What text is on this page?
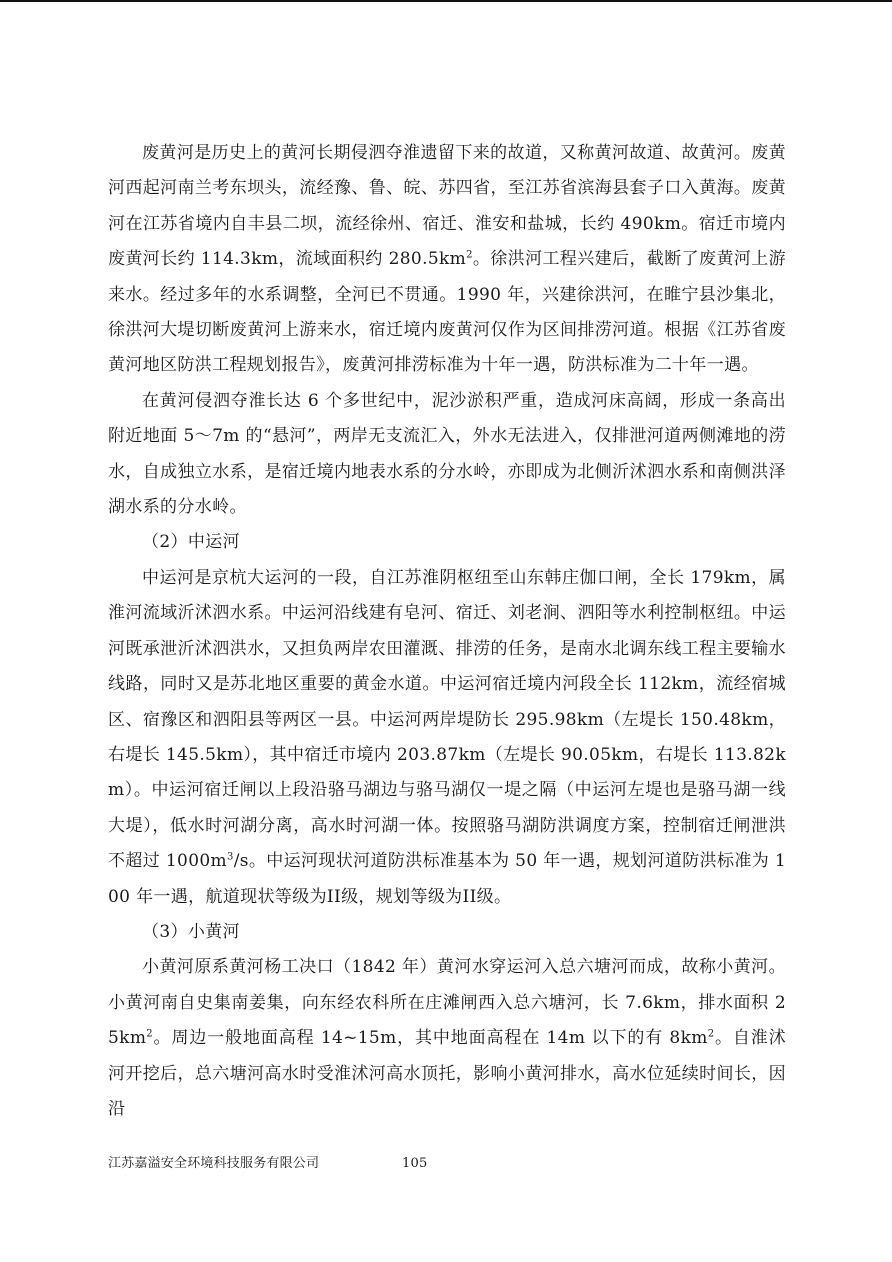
废黄河是历史上的黄河长期侵泗夺淮遗留下来的故道，又称黄河故道、故黄河。废黄河西起河南兰考东坝头，流经豫、鲁、皖、苏四省，至江苏省滨海县套子口入黄海。废黄河在江苏省境内自丰县二坝，流经徐州、宿迁、淮安和盐城，长约 490km。宿迁市境内废黄河长约 114.3km，流域面积约 $280.5km^2$。徐洪河工程兴建后，截断了废黄河上游来水。经过多年的水系调整，全河已不贯通。1990 年，兴建徐洪河，在睢宁县沙集北，徐洪河大堤切断废黄河上游来水，宿迁境内废黄河仅作为区间排涝河道。根据《江苏省废黄河地区防洪工程规划报告》，废黄河排涝标准为十年一遇，防洪标准为二十年一遇。

在黄河侵泗夺淮长达 6 个多世纪中，泥沙淤积严重，造成河床高阔，形成一条高出附近地面 5～7m 的“悬河”，两岸无支流汇入，外水无法进入，仅排泄河道两侧滩地的涝水，自成独立水系，是宿迁境内地表水系的分水岭，亦即成为北侧沂沭泗水系和南侧洪泽湖水系的分水岭。

（2）中运河

中运河是京杭大运河的一段，自江苏淮阴枢纽至山东韩庄伽口闸，全长 179km，属淮河流域沂沭泗水系。中运河沿线建有皂河、宿迁、刘老涧、泗阳等水利控制枢纽。中运河既承泄沂沭泗洪水，又担负两岸农田灌溉、排涝的任务，是南水北调东线工程主要输水线路，同时又是苏北地区重要的黄金水道。中运河宿迁境内河段全长 112km，流经宿城区、宿豫区和泗阳县等两区一县。中运河两岸堤防长 295.98km（左堤长 150.48km，右堤长 145.5km），其中宿迁市境内 203.87km（左堤长 90.05km，右堤长 113.82km）。中运河宿迁闸以上段沿骆马湖边与骆马湖仅一堤之隔（中运河左堤也是骆马湖一线大堤），低水时河湖分离，高水时河湖一体。按照骆马湖防洪调度方案，控制宿迁闸泄洪不超过 $1000m^3/s$。中运河现状河道防洪标准基本为 50 年一遇，规划河道防洪标准为 100 年一遇，航道现状等级为II级，规划等级为II级。

（3）小黄河

小黄河原系黄河杨工决口（1842 年）黄河水穿运河入总六塘河而成，故称小黄河。小黄河南自史集南姜集，向东经农科所在庄滩闸西入总六塘河，长 7.6km，排水面积 $25km^2$。周边一般地面高程 14~15m，其中地面高程在 14m 以下的有 $8km^2$。自淮沭河开挖后，总六塘河高水时受淮沭河高水顶托，影响小黄河排水，高水位延续时间长，因沿

江苏嘉溢安全环境科技服务有限公司	105
